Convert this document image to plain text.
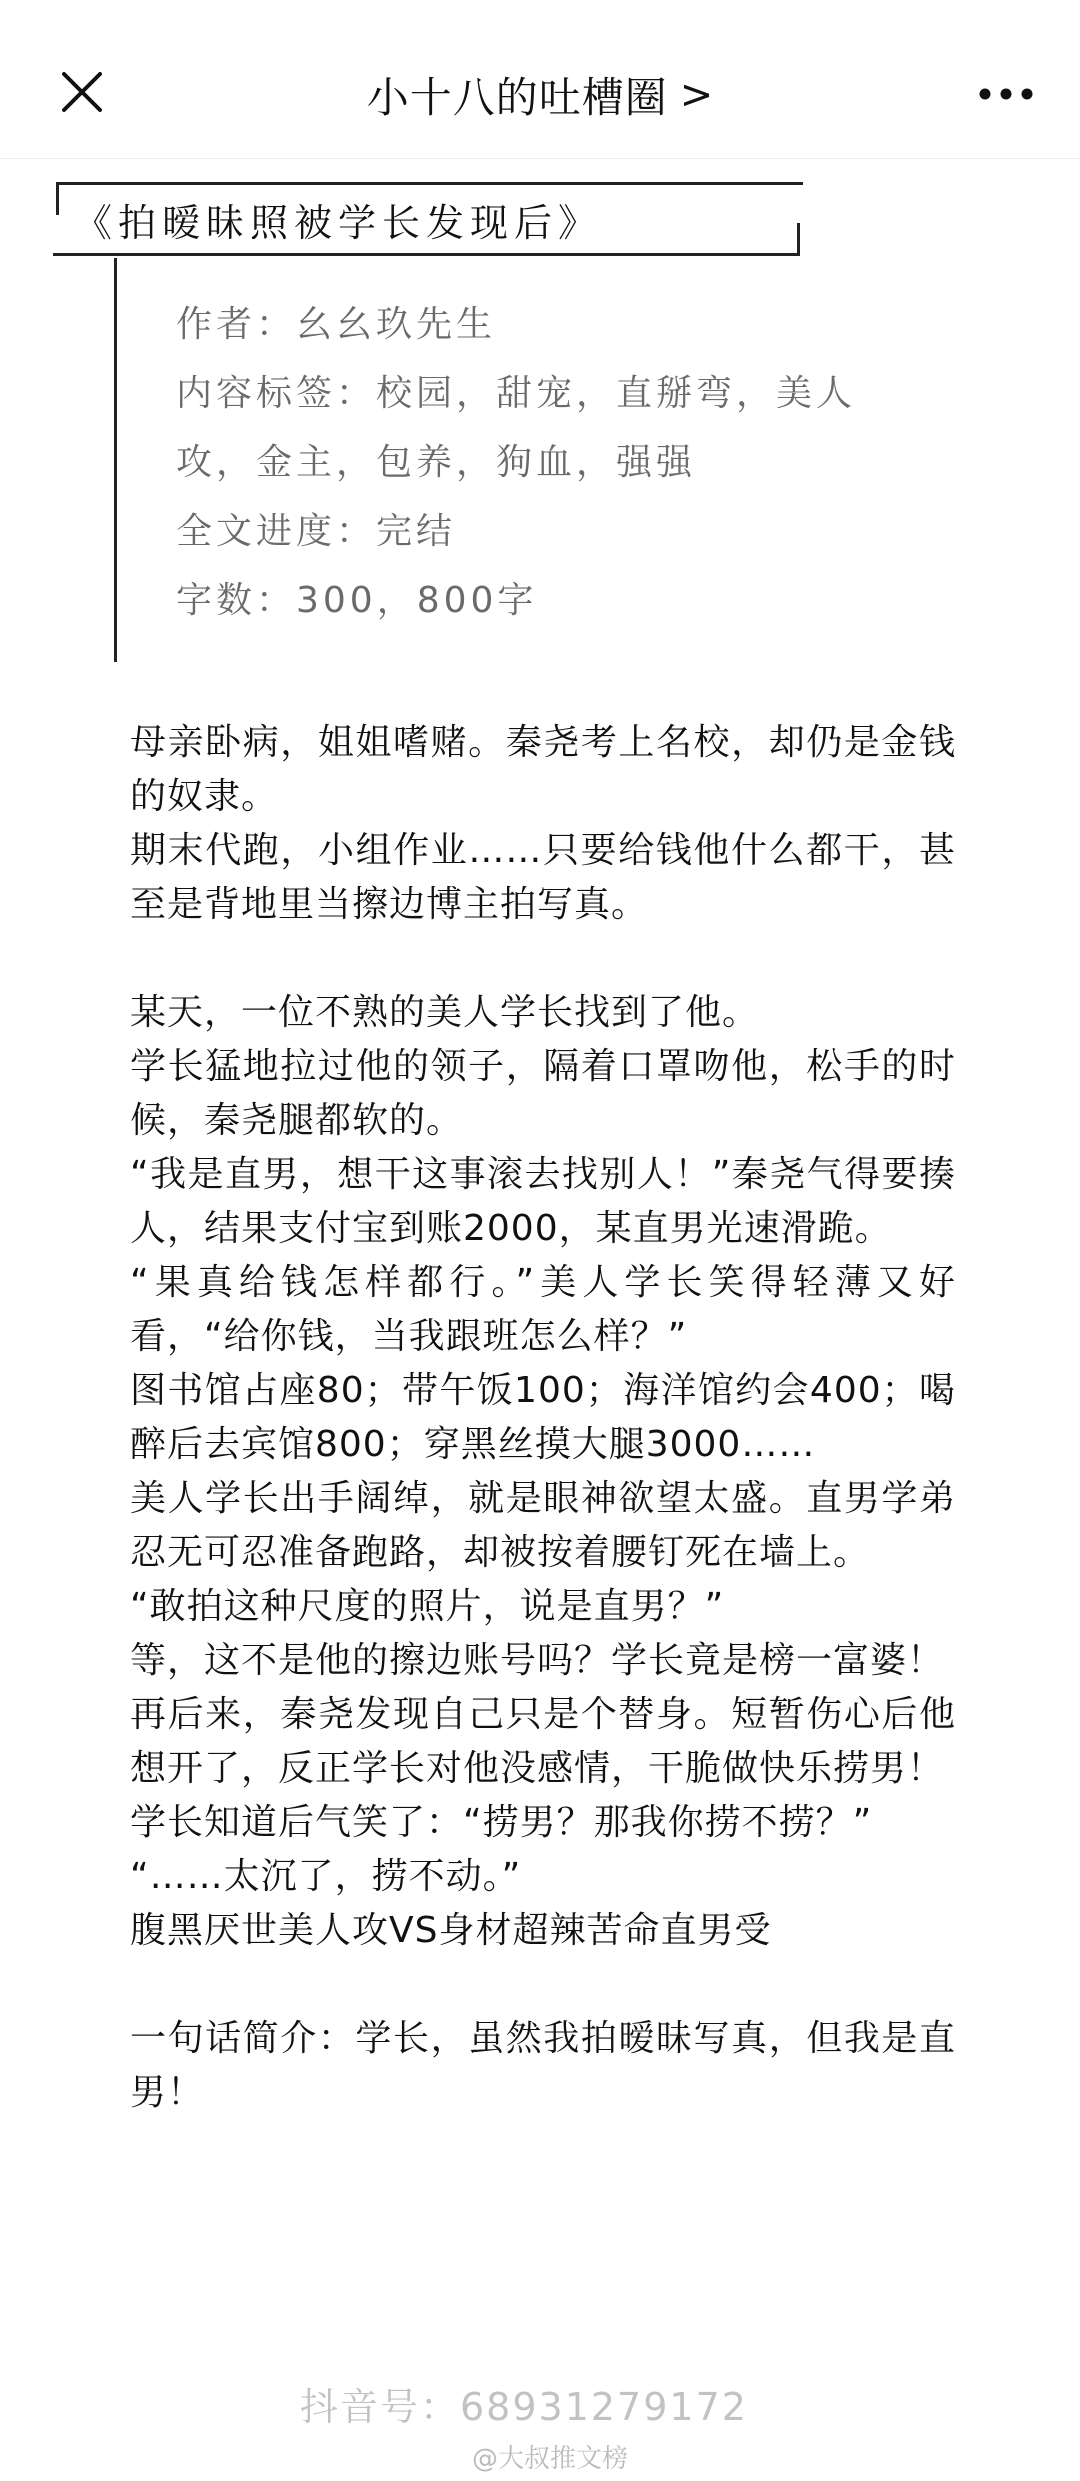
小十八的吐槽圈 >
《拍暧昧照被学长发现后》
作者：幺幺玖先生
内容标签：校园，甜宠，直掰弯，美人
攻，金主，包养，狗血，强强
全文进度：完结
字数：300，800字

母亲卧病，姐姐嗜赌。秦尧考上名校，却仍是金钱的奴隶。

期末代跑，小组作业……只要给钱他什么都干，甚至是背地里当擦边博主拍写真。

某天，一位不熟的美人学长找到了他。

学长猛地拉过他的领子，隔着口罩吻他，松手的时候，秦尧腿都软的。

“我是直男，想干这事滚去找别人！”秦尧气得要揍人，结果支付宝到账2000，某直男光速滑跪。

“果真给钱怎样都行。”美人学长笑得轻薄又好看，“给你钱，当我跟班怎么样？”

图书馆占座80；带午饭100；海洋馆约会400；喝醉后去宾馆800；穿黑丝摸大腿3000……

美人学长出手阔绰，就是眼神欲望太盛。直男学弟忍无可忍准备跑路，却被按着腰钉死在墙上。

“敢拍这种尺度的照片，说是直男？”

等，这不是他的擦边账号吗？学长竟是榜一富婆！

再后来，秦尧发现自己只是个替身。短暂伤心后他想开了，反正学长对他没感情，干脆做快乐捞男！

学长知道后气笑了：“捞男？那我你捞不捞？”

“……太沉了，捞不动。”

腹黑厌世美人攻VS身材超辣苦命直男受

一句话简介：学长，虽然我拍暧昧写真，但我是直男！

抖音号：68931279172
@大叔推文榜
